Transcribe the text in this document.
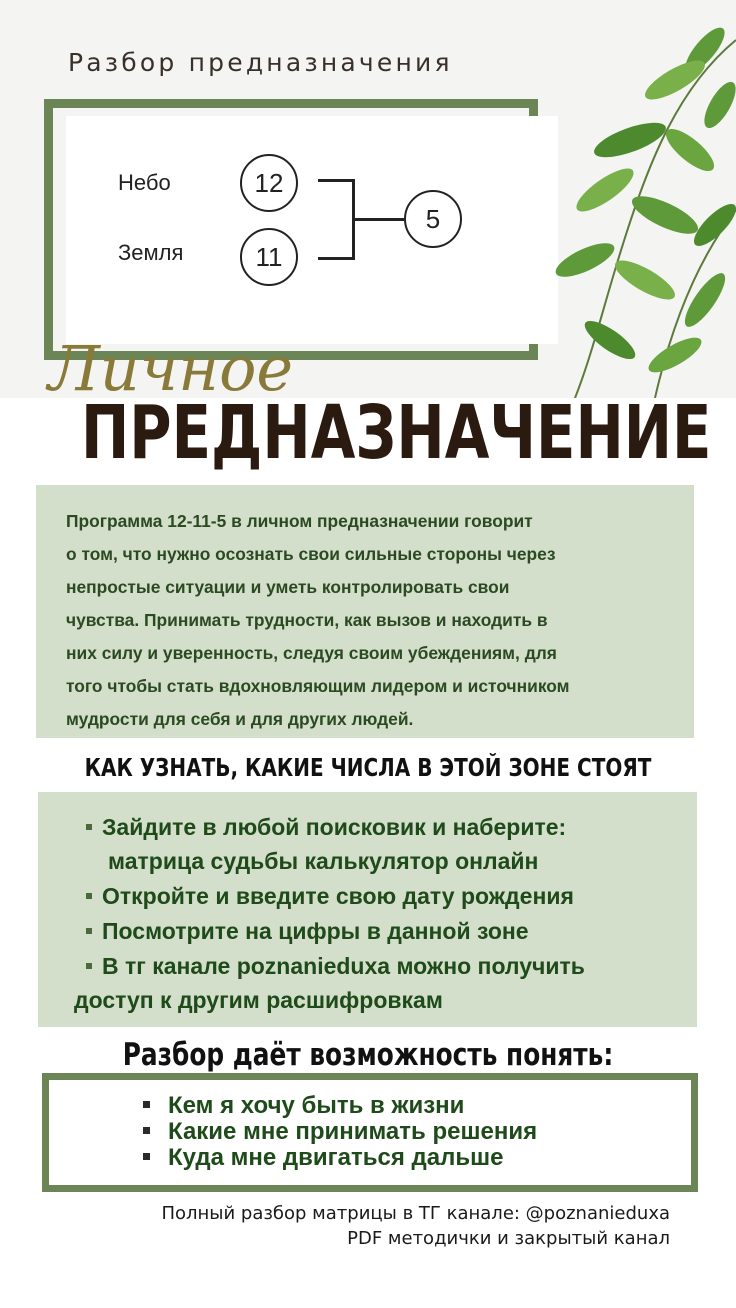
Разбор предназначения
Небо
Земля
12
11
5
Личное
ПРЕДНАЗНАЧЕНИЕ

Программа 12-11-5 в личном предназначении говорит

о том, что нужно осознать свои сильные стороны через

непростые ситуации и уметь контролировать свои

чувства. Принимать трудности, как вызов и находить в

них силу и уверенность, следуя своим убеждениям, для

того чтобы стать вдохновляющим лидером и источником

мудрости для себя и для других людей.

КАК УЗНАТЬ, КАКИЕ ЧИСЛА В ЭТОЙ ЗОНЕ СТОЯТ
Зайдите в любой поисковик и наберите:
матрица судьбы калькулятор онлайн
Откройте и введите свою дату рождения
Посмотрите на цифры в данной зоне
В тг канале poznanieduxa можно получить
доступ к другим расшифровкам
Разбор даёт возможность понять:
Кем я хочу быть в жизни
Какие мне принимать решения
Куда мне двигаться дальше
Полный разбор матрицы в ТГ канале: @poznanieduxa
PDF методички и закрытый канал
